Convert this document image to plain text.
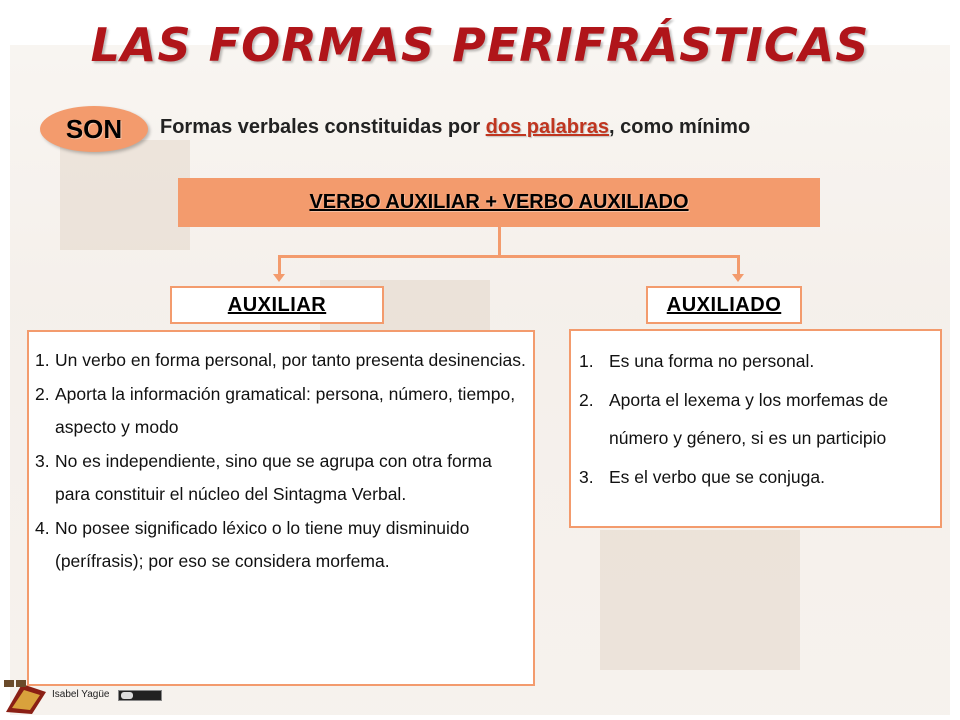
LAS FORMAS PERIFRÁSTICAS
SON Formas verbales constituidas por dos palabras, como mínimo
VERBO AUXILIAR + VERBO AUXILIADO
AUXILIAR	AUXILIADO
1. Un verbo en forma personal, por tanto presenta desinencias.
2. Aporta la información gramatical: persona, número, tiempo, aspecto y modo
3. No es independiente, sino que se agrupa con otra forma para constituir el núcleo del Sintagma Verbal.
4. No posee significado léxico o lo tiene muy disminuido (perífrasis); por eso se considera morfema.
1. Es una forma no personal.
2. Aporta el lexema y los morfemas de número y género, si es un participio
3. Es el verbo que se conjuga.
Isabel Yagüe
